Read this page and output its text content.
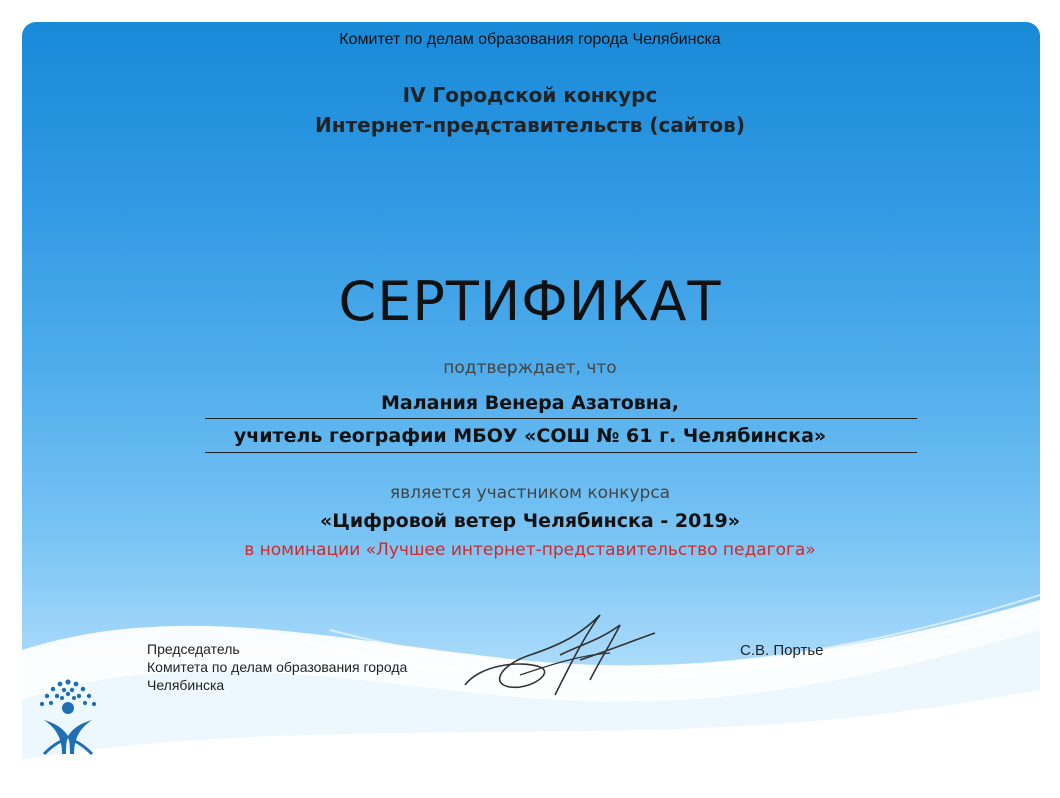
Комитет по делам образования города Челябинска
IV Городской конкурс
Интернет-представительств (сайтов)
СЕРТИФИКАТ
подтверждает, что
Малания Венера Азатовна,
учитель географии МБОУ «СОШ № 61 г. Челябинска»
является участником конкурса
«Цифровой ветер Челябинска - 2019»
в номинации «Лучшее интернет-представительство педагога»
Председатель
Комитета по делам образования города
Челябинска
С.В. Портье
